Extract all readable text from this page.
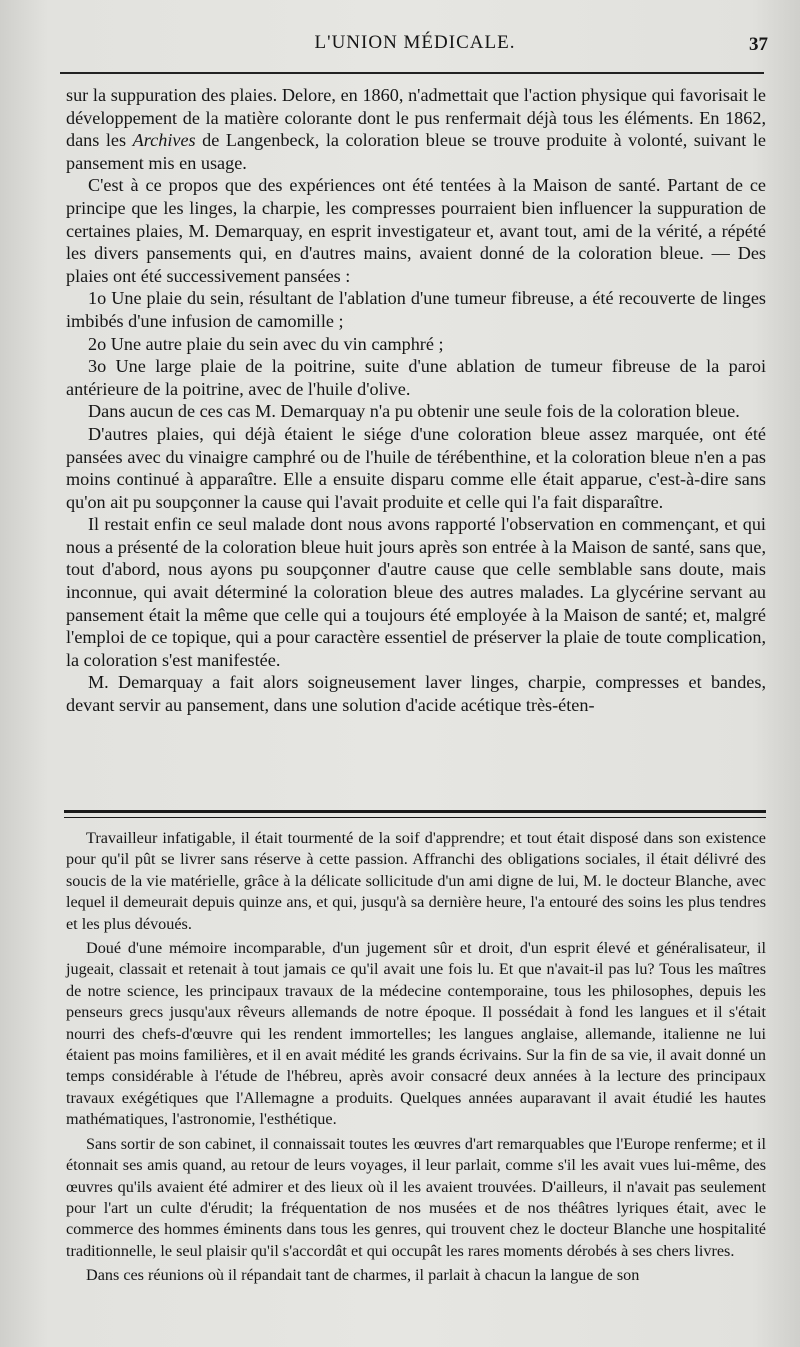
L'UNION MÉDICALE.	37

sur la suppuration des plaies. Delore, en 1860, n'admettait que l'action physique qui favorisait le développement de la matière colorante dont le pus renfermait déjà tous les éléments. En 1862, dans les Archives de Langenbeck, la coloration bleue se trouve produite à volonté, suivant le pansement mis en usage.

C'est à ce propos que des expériences ont été tentées à la Maison de santé. Partant de ce principe que les linges, la charpie, les compresses pourraient bien influencer la suppuration de certaines plaies, M. Demarquay, en esprit investigateur et, avant tout, ami de la vérité, a répété les divers pansements qui, en d'autres mains, avaient donné de la coloration bleue. — Des plaies ont été successivement pansées :

1o Une plaie du sein, résultant de l'ablation d'une tumeur fibreuse, a été recouverte de linges imbibés d'une infusion de camomille ;

2o Une autre plaie du sein avec du vin camphré ;

3o Une large plaie de la poitrine, suite d'une ablation de tumeur fibreuse de la paroi antérieure de la poitrine, avec de l'huile d'olive.

Dans aucun de ces cas M. Demarquay n'a pu obtenir une seule fois de la coloration bleue.

D'autres plaies, qui déjà étaient le siége d'une coloration bleue assez marquée, ont été pansées avec du vinaigre camphré ou de l'huile de térébenthine, et la coloration bleue n'en a pas moins continué à apparaître. Elle a ensuite disparu comme elle était apparue, c'est-à-dire sans qu'on ait pu soupçonner la cause qui l'avait produite et celle qui l'a fait disparaître.

Il restait enfin ce seul malade dont nous avons rapporté l'observation en commençant, et qui nous a présenté de la coloration bleue huit jours après son entrée à la Maison de santé, sans que, tout d'abord, nous ayons pu soupçonner d'autre cause que celle semblable sans doute, mais inconnue, qui avait déterminé la coloration bleue des autres malades. La glycérine servant au pansement était la même que celle qui a toujours été employée à la Maison de santé; et, malgré l'emploi de ce topique, qui a pour caractère essentiel de préserver la plaie de toute complication, la coloration s'est manifestée.

M. Demarquay a fait alors soigneusement laver linges, charpie, compresses et bandes, devant servir au pansement, dans une solution d'acide acétique très-éten-

Travailleur infatigable, il était tourmenté de la soif d'apprendre; et tout était disposé dans son existence pour qu'il pût se livrer sans réserve à cette passion. Affranchi des obligations sociales, il était délivré des soucis de la vie matérielle, grâce à la délicate sollicitude d'un ami digne de lui, M. le docteur Blanche, avec lequel il demeurait depuis quinze ans, et qui, jusqu'à sa dernière heure, l'a entouré des soins les plus tendres et les plus dévoués.

Doué d'une mémoire incomparable, d'un jugement sûr et droit, d'un esprit élevé et généralisateur, il jugeait, classait et retenait à tout jamais ce qu'il avait une fois lu. Et que n'avait-il pas lu? Tous les maîtres de notre science, les principaux travaux de la médecine contemporaine, tous les philosophes, depuis les penseurs grecs jusqu'aux rêveurs allemands de notre époque. Il possédait à fond les langues et il s'était nourri des chefs-d'œuvre qui les rendent immortelles; les langues anglaise, allemande, italienne ne lui étaient pas moins familières, et il en avait médité les grands écrivains. Sur la fin de sa vie, il avait donné un temps considérable à l'étude de l'hébreu, après avoir consacré deux années à la lecture des principaux travaux exégétiques que l'Allemagne a produits. Quelques années auparavant il avait étudié les hautes mathématiques, l'astronomie, l'esthétique.

Sans sortir de son cabinet, il connaissait toutes les œuvres d'art remarquables que l'Europe renferme; et il étonnait ses amis quand, au retour de leurs voyages, il leur parlait, comme s'il les avait vues lui-même, des œuvres qu'ils avaient été admirer et des lieux où il les avaient trouvées. D'ailleurs, il n'avait pas seulement pour l'art un culte d'érudit; la fréquentation de nos musées et de nos théâtres lyriques était, avec le commerce des hommes éminents dans tous les genres, qui trouvent chez le docteur Blanche une hospitalité traditionnelle, le seul plaisir qu'il s'accordât et qui occupât les rares moments dérobés à ses chers livres.

Dans ces réunions où il répandait tant de charmes, il parlait à chacun la langue de son
